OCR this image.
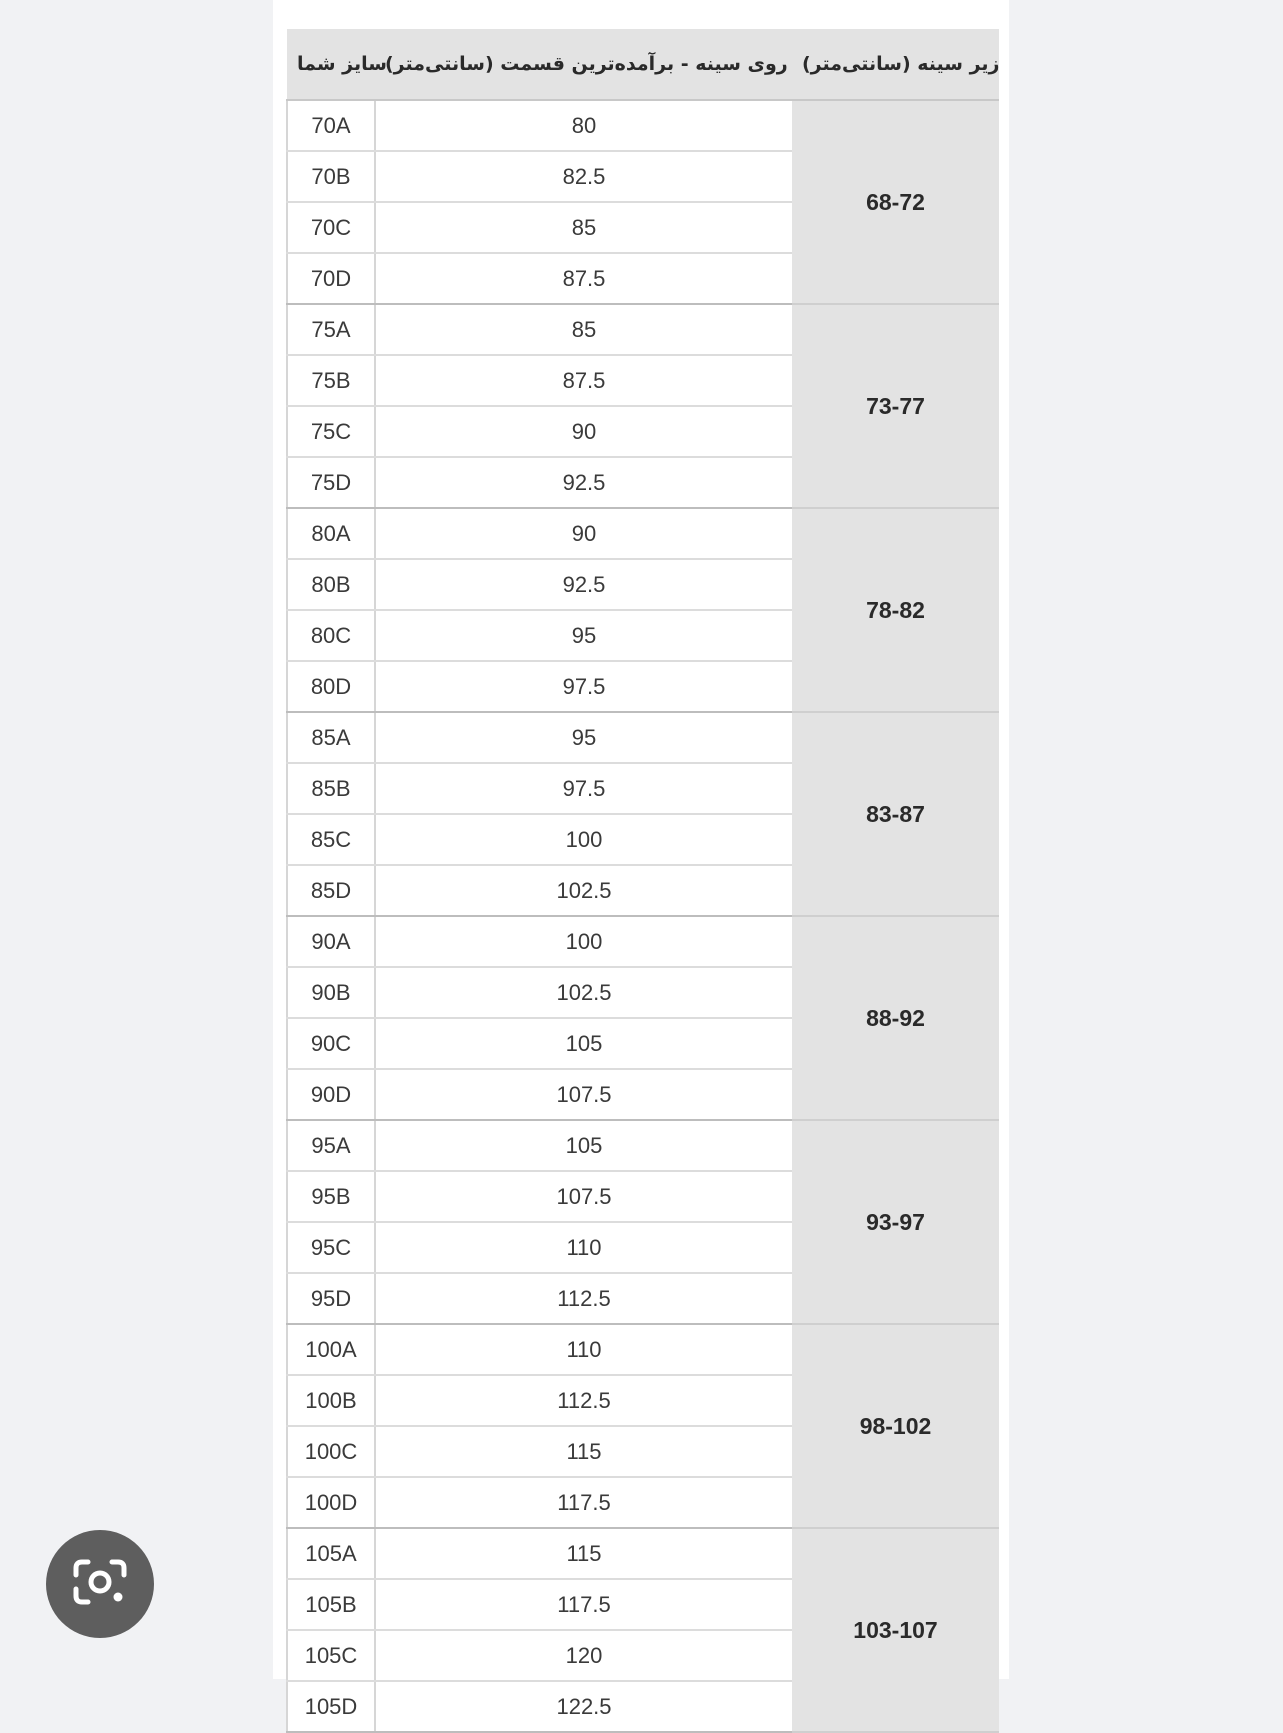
سایز شما	روی سینه - برآمده‌ترین قسمت (سانتی‌متر)	زیر سینه (سانتی‌متر)
70A	80	68-72
70B	82.5	
70C	85	
70D	87.5	
75A	85	73-77
75B	87.5	
75C	90	
75D	92.5	
80A	90	78-82
80B	92.5	
80C	95	
80D	97.5	
85A	95	83-87
85B	97.5	
85C	100	
85D	102.5	
90A	100	88-92
90B	102.5	
90C	105	
90D	107.5	
95A	105	93-97
95B	107.5	
95C	110	
95D	112.5	
100A	110	98-102
100B	112.5	
100C	115	
100D	117.5	
105A	115	103-107
105B	117.5	
105C	120	
105D	122.5	
